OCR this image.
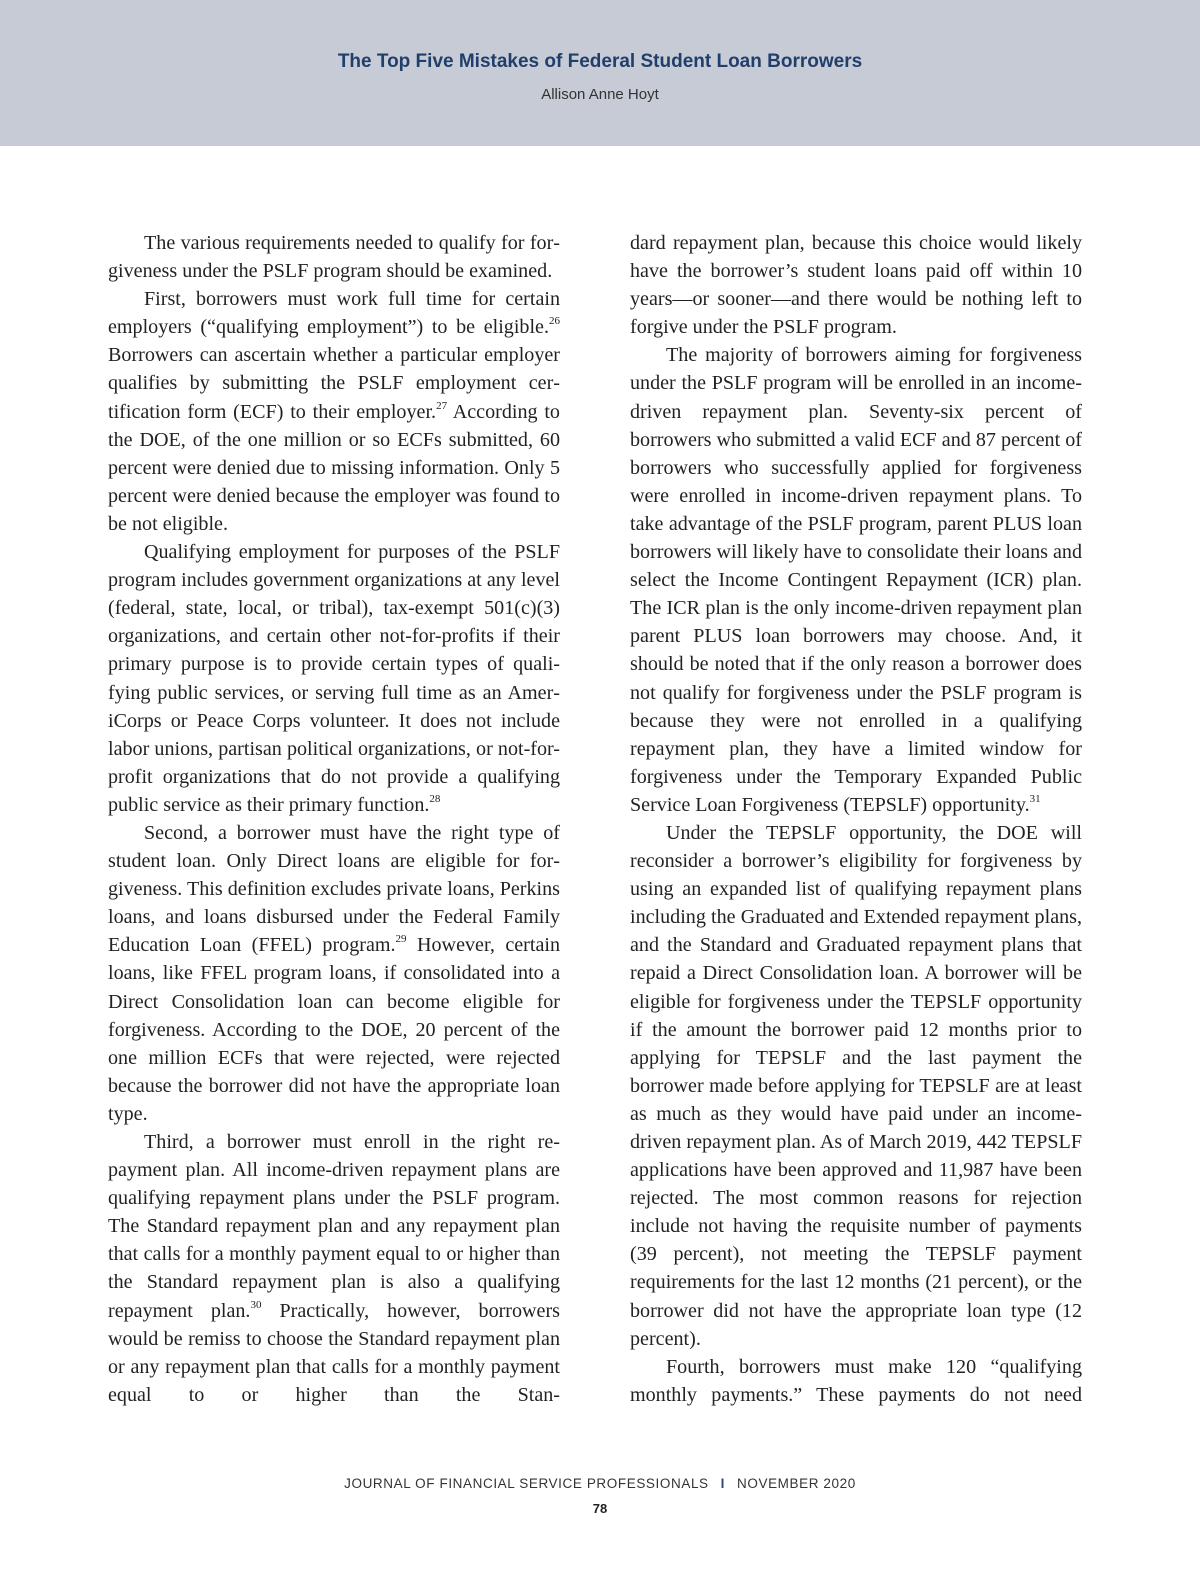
The Top Five Mistakes of Federal Student Loan Borrowers
Allison Anne Hoyt

The various requirements needed to qualify for forgiveness under the PSLF program should be examined.

First, borrowers must work full time for certain employers (“qualifying employment”) to be eligible.$^{26}$ Borrowers can ascertain whether a particular employer qualifies by submitting the PSLF employment certification form (ECF) to their employer.$^{27}$ According to the DOE, of the one million or so ECFs submitted, 60 percent were denied due to missing information. Only 5 percent were denied because the employer was found to be not eligible.

Qualifying employment for purposes of the PSLF program includes government organizations at any level (federal, state, local, or tribal), tax-exempt 501(c)(3) organizations, and certain other not-for-profits if their primary purpose is to provide certain types of qualifying public services, or serving full time as an AmeriCorps or Peace Corps volunteer. It does not include labor unions, partisan political organizations, or not-for-profit organizations that do not provide a qualifying public service as their primary function.$^{28}$

Second, a borrower must have the right type of student loan. Only Direct loans are eligible for forgiveness. This definition excludes private loans, Perkins loans, and loans disbursed under the Federal Family Education Loan (FFEL) program.$^{29}$ However, certain loans, like FFEL program loans, if consolidated into a Direct Consolidation loan can become eligible for forgiveness. According to the DOE, 20 percent of the one million ECFs that were rejected, were rejected because the borrower did not have the appropriate loan type.

Third, a borrower must enroll in the right repayment plan. All income-driven repayment plans are qualifying repayment plans under the PSLF program. The Standard repayment plan and any repayment plan that calls for a monthly payment equal to or higher than the Standard repayment plan is also a qualifying repayment plan.$^{30}$ Practically, however, borrowers would be remiss to choose the Standard repayment plan or any repayment plan that calls for a monthly payment equal to or higher than the Stan-

dard repayment plan, because this choice would likely have the borrower’s student loans paid off within 10 years—or sooner—and there would be nothing left to forgive under the PSLF program.

The majority of borrowers aiming for forgiveness under the PSLF program will be enrolled in an income-driven repayment plan. Seventy-six percent of borrowers who submitted a valid ECF and 87 percent of borrowers who successfully applied for forgiveness were enrolled in income-driven repayment plans. To take advantage of the PSLF program, parent PLUS loan borrowers will likely have to consolidate their loans and select the Income Contingent Repayment (ICR) plan. The ICR plan is the only income-driven repayment plan parent PLUS loan borrowers may choose. And, it should be noted that if the only reason a borrower does not qualify for forgiveness under the PSLF program is because they were not enrolled in a qualifying repayment plan, they have a limited window for forgiveness under the Temporary Expanded Public Service Loan Forgiveness (TEPSLF) opportunity.$^{31}$

Under the TEPSLF opportunity, the DOE will reconsider a borrower’s eligibility for forgiveness by using an expanded list of qualifying repayment plans including the Graduated and Extended repayment plans, and the Standard and Graduated repayment plans that repaid a Direct Consolidation loan. A borrower will be eligible for forgiveness under the TEPSLF opportunity if the amount the borrower paid 12 months prior to applying for TEPSLF and the last payment the borrower made before applying for TEPSLF are at least as much as they would have paid under an income-driven repayment plan. As of March 2019, 442 TEPSLF applications have been approved and 11,987 have been rejected. The most common reasons for rejection include not having the requisite number of payments (39 percent), not meeting the TEPSLF payment requirements for the last 12 months (21 percent), or the borrower did not have the appropriate loan type (12 percent).

Fourth, borrowers must make 120 “qualifying monthly payments.” These payments do not need

JOURNAL OF FINANCIAL SERVICE PROFESSIONALS I NOVEMBER 2020
78
